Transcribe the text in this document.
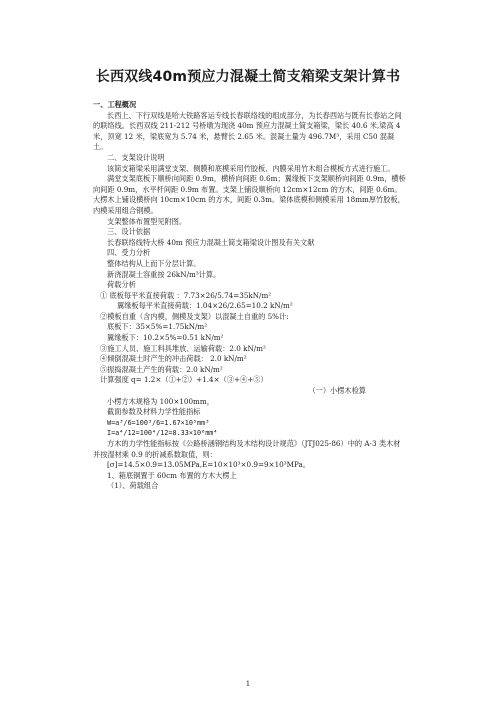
长西双线40m预应力混凝土简支箱梁支架计算书

一、工程概况

长西上、下行双线是哈大铁路客运专线长春联络线的组成部分，为长春西站与既有长春站之间的联络线。长西双线 211-212 号桥墩为现浇 40m 预应力混凝土简支箱梁，梁长 40.6 米,梁高 4 米，顶宽 12 米，梁底宽为 5.74 米，悬臂长 2.65 米。混凝土量为 496.7M³，采用 C50 混凝土。

二、支架设计说明

该简支箱梁采用满堂支架、侧膜和底模采用竹胶板、内膜采用竹木组合模板方式进行施工。

满堂支架底板下顺桥向间距 0.9m，横桥向间距 0.6m；翼缘板下支架顺桥向间距 0.9m，横桥向间距 0.9m，水平杆间距 0.9m 布置。支架上铺设顺桥向 12cm×12cm 的方木，间距 0.6m。大楞木上铺设横桥向 10cm×10cm 的方木，间距 0.3m。梁体底模和侧模采用 18mm厚竹胶板，内模采用组合钢模。

支架整体布置型见附图。

三、设计依据

长春联络线特大桥 40m 预应力混凝土简支箱梁设计图及有关文献

四、受力分析

整体结构从上而下分层计算。

新浇混凝土容重按 26kN/m³计算。

荷载分析

① 底板每平米直接荷载 ：7.73×26/5.74=35kN/m²

翼缘板每平米直接荷载：1.04×26/2.65=10.2 kN/m²

②模板自重（含内模，侧模及支架）以混凝土自重的 5%计:

底板下：35×5%=1.75kN/m²

翼缘板下：10.2×5%=0.51 kN/m²

③施工人员、施工料具堆放、运输荷载：2.0 kN/m²

④倾倒混凝土时产生的冲击荷载： 2.0 kN/m²

⑤振捣混凝土产生的荷载：2.0 kN/m²

计算强度 q= 1.2×（①+②）+1.4×（③+④+⑤）

（一）小楞木检算

小楞方木规格为 100×100mm，

截面参数及材料力学性能指标

W=a³/6=100³/6=1.67×10⁵mm³

I=a⁴/12=100⁴/12=8.33×10⁶mm⁴

方木的力学性能指标按《公路桥涵钢结构及木结构设计规范》（JTJ025-86）中的 A-3 类木材并按湿材乘 0.9 的折减系数取值，则：

[σ]=14.5×0.9=13.05MPa,E=10×10³×0.9=9×10³MPa。

1、箱底铜置于 60cm 布置的方木大楞上

（1）、荷载组合

1
